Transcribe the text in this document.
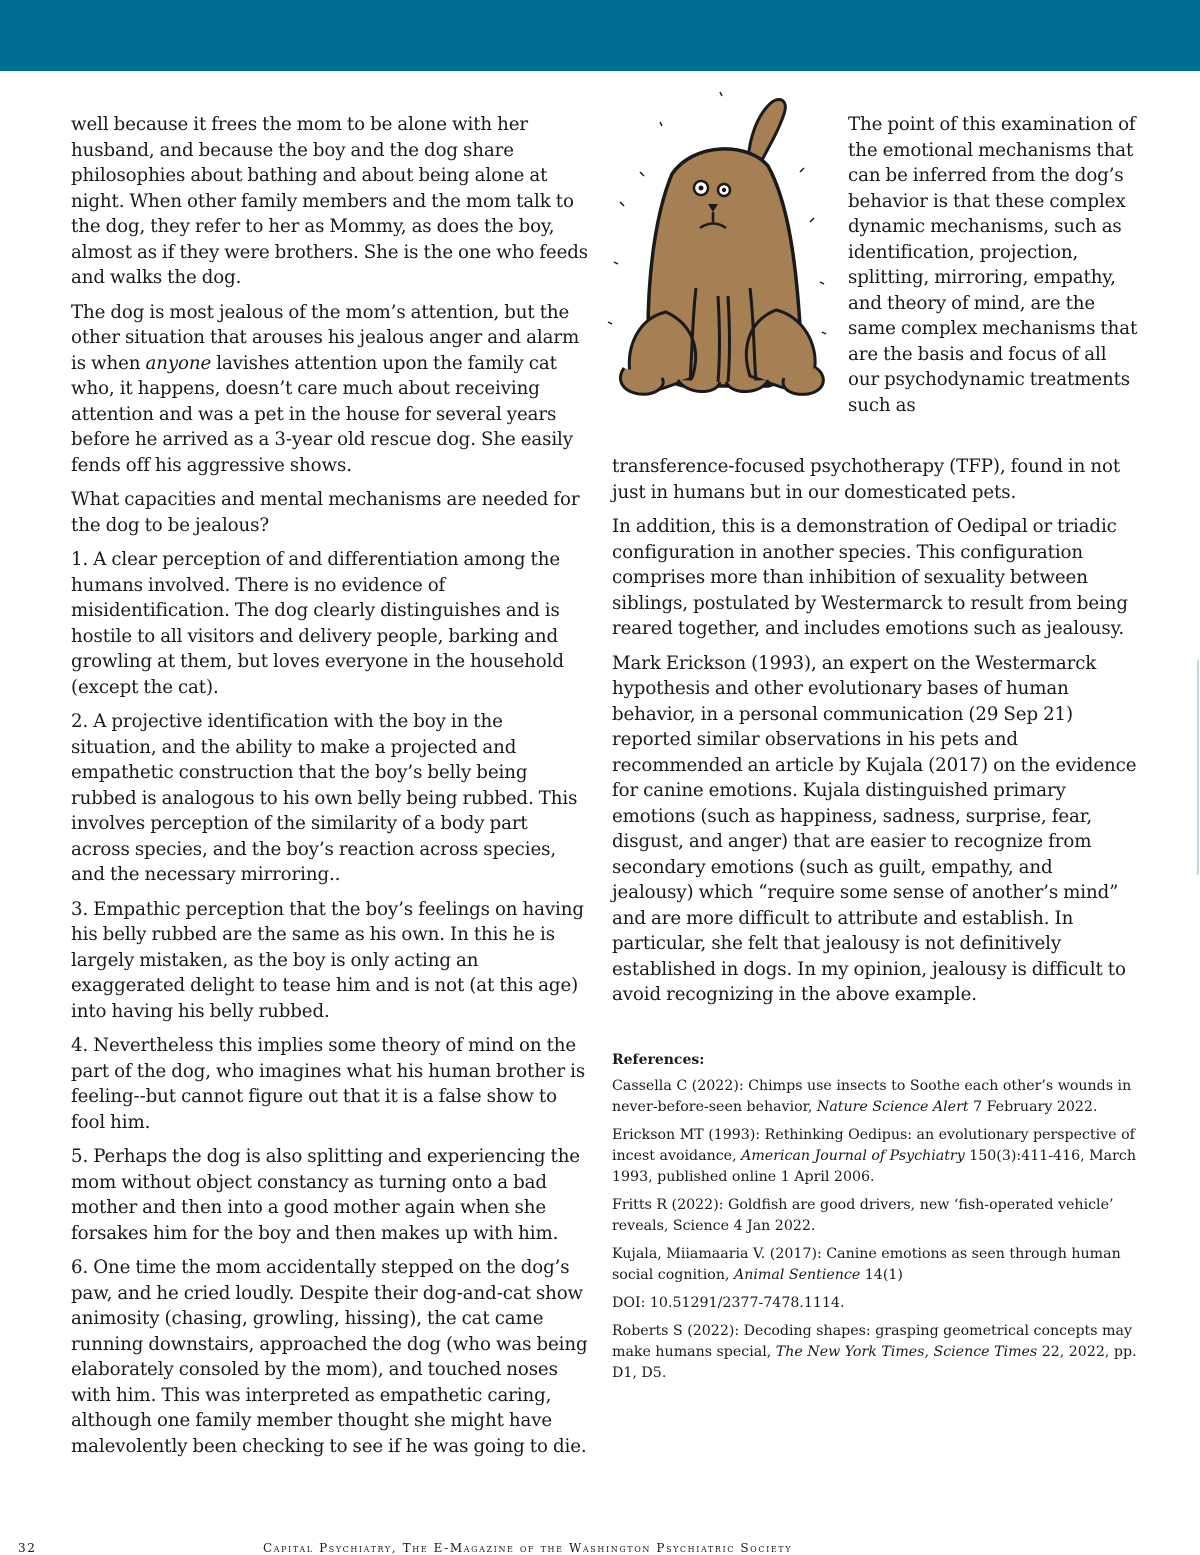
well because it frees the mom to be alone with her husband, and because the boy and the dog share philosophies about bathing and about being alone at night. When other family members and the mom talk to the dog, they refer to her as Mommy, as does the boy, almost as if they were brothers. She is the one who feeds and walks the dog.

The dog is most jealous of the mom’s attention, but the other situation that arouses his jealous anger and alarm is when anyone lavishes attention upon the family cat who, it happens, doesn’t care much about receiving attention and was a pet in the house for several years before he arrived as a 3-year old rescue dog. She easily fends off his aggressive shows.

What capacities and mental mechanisms are needed for the dog to be jealous?

1. A clear perception of and differentiation among the humans involved. There is no evidence of misidentification. The dog clearly distinguishes and is hostile to all visitors and delivery people, barking and growling at them, but loves everyone in the household (except the cat).

2. A projective identification with the boy in the situation, and the ability to make a projected and empathetic construction that the boy’s belly being rubbed is analogous to his own belly being rubbed. This involves perception of the similarity of a body part across species, and the boy’s reaction across species, and the necessary mirroring..

3. Empathic perception that the boy’s feelings on having his belly rubbed are the same as his own. In this he is largely mistaken, as the boy is only acting an exaggerated delight to tease him and is not (at this age) into having his belly rubbed.

4. Nevertheless this implies some theory of mind on the part of the dog, who imagines what his human brother is feeling--but cannot figure out that it is a false show to fool him.

5. Perhaps the dog is also splitting and experiencing the mom without object constancy as turning onto a bad mother and then into a good mother again when she forsakes him for the boy and then makes up with him.

6. One time the mom accidentally stepped on the dog’s paw, and he cried loudly. Despite their dog-and-cat show animosity (chasing, growling, hissing), the cat came running downstairs, approached the dog (who was being elaborately consoled by the mom), and touched noses with him. This was interpreted as empathetic caring, although one family member thought she might have malevolently been checking to see if he was going to die.

The point of this examination of the emotional mechanisms that can be inferred from the dog’s behavior is that these complex dynamic mechanisms, such as identification, projection, splitting, mirroring, empathy, and theory of mind, are the same complex mechanisms that are the basis and focus of all our psychodynamic treatments such as

transference-focused psychotherapy (TFP), found in not just in humans but in our domesticated pets.

In addition, this is a demonstration of Oedipal or triadic configuration in another species. This configuration comprises more than inhibition of sexuality between siblings, postulated by Westermarck to result from being reared together, and includes emotions such as jealousy.

Mark Erickson (1993), an expert on the Westermarck hypothesis and other evolutionary bases of human behavior, in a personal communication (29 Sep 21) reported similar observations in his pets and recommended an article by Kujala (2017) on the evidence for canine emotions. Kujala distinguished primary emotions (such as happiness, sadness, surprise, fear, disgust, and anger) that are easier to recognize from secondary emotions (such as guilt, empathy, and jealousy) which “require some sense of another’s mind” and are more difficult to attribute and establish. In particular, she felt that jealousy is not definitively established in dogs. In my opinion, jealousy is difficult to avoid recognizing in the above example.

References:

Cassella C (2022): Chimps use insects to Soothe each other’s wounds in never-before-seen behavior, Nature Science Alert 7 February 2022.

Erickson MT (1993): Rethinking Oedipus: an evolutionary perspective of incest avoidance, American Journal of Psychiatry 150(3):411-416, March 1993, published online 1 April 2006.

Fritts R (2022): Goldfish are good drivers, new ‘fish-operated vehicle’ reveals, Science 4 Jan 2022.

Kujala, Miiamaaria V. (2017): Canine emotions as seen through human social cognition, Animal Sentience 14(1)

DOI: 10.51291/2377-7478.1114.

Roberts S (2022): Decoding shapes: grasping geometrical concepts may make humans special, The New York Times, Science Times 22, 2022, pp. D1, D5.

32	Capital Psychiatry, The E-Magazine of the Washington Psychiatric Society
